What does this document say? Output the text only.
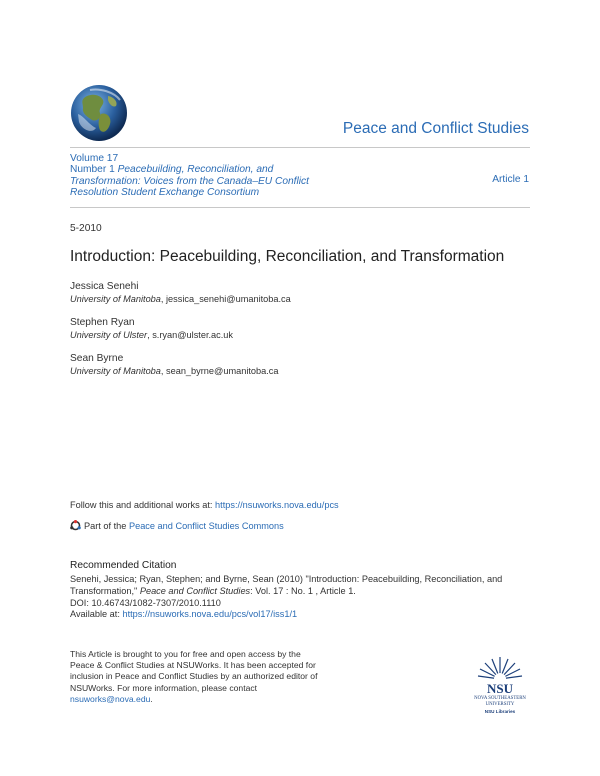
Peace and Conflict Studies
Volume 17
Number 1 Peacebuilding, Reconciliation, and Transformation: Voices from the Canada–EU Conflict Resolution Student Exchange Consortium
Article 1
5-2010
Introduction: Peacebuilding, Reconciliation, and Transformation
Jessica Senehi
University of Manitoba, jessica_senehi@umanitoba.ca
Stephen Ryan
University of Ulster, s.ryan@ulster.ac.uk
Sean Byrne
University of Manitoba, sean_byrne@umanitoba.ca
Follow this and additional works at: https://nsuworks.nova.edu/pcs
Part of the Peace and Conflict Studies Commons
Recommended Citation
Senehi, Jessica; Ryan, Stephen; and Byrne, Sean (2010) "Introduction: Peacebuilding, Reconciliation, and
Transformation," Peace and Conflict Studies: Vol. 17 : No. 1 , Article 1.
DOI: 10.46743/1082-7307/2010.1110
Available at: https://nsuworks.nova.edu/pcs/vol17/iss1/1
This Article is brought to you for free and open access by the Peace & Conflict Studies at NSUWorks. It has been accepted for inclusion in Peace and Conflict Studies by an authorized editor of NSUWorks. For more information, please contact nsuworks@nova.edu.
NSU
NOVA SOUTHEASTERN UNIVERSITY
NSU Libraries
